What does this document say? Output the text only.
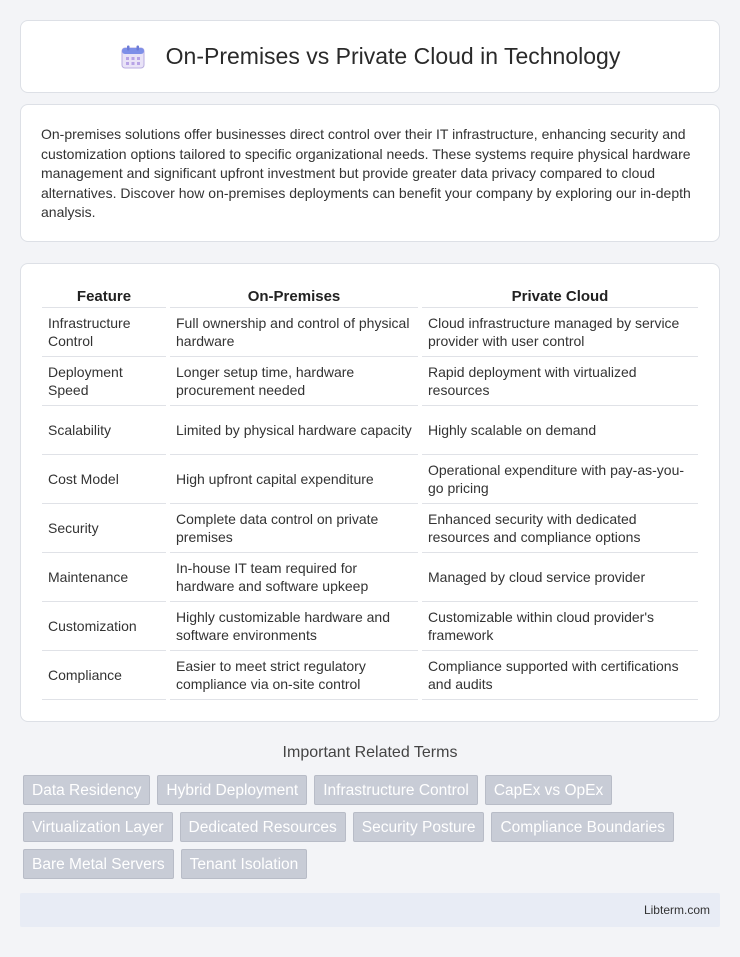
On-Premises vs Private Cloud in Technology

On-premises solutions offer businesses direct control over their IT infrastructure, enhancing security and customization options tailored to specific organizational needs. These systems require physical hardware management and significant upfront investment but provide greater data privacy compared to cloud alternatives. Discover how on-premises deployments can benefit your company by exploring our in-depth analysis.

Feature	On-Premises	Private Cloud
Infrastructure Control	Full ownership and control of physical hardware	Cloud infrastructure managed by service provider with user control
Deployment Speed	Longer setup time, hardware procurement needed	Rapid deployment with virtualized resources
Scalability	Limited by physical hardware capacity	Highly scalable on demand
Cost Model	High upfront capital expenditure	Operational expenditure with pay-as-you-go pricing
Security	Complete data control on private premises	Enhanced security with dedicated resources and compliance options
Maintenance	In-house IT team required for hardware and software upkeep	Managed by cloud service provider
Customization	Highly customizable hardware and software environments	Customizable within cloud provider's framework
Compliance	Easier to meet strict regulatory compliance via on-site control	Compliance supported with certifications and audits
Important Related Terms
Data Residency	Hybrid Deployment	Infrastructure Control	CapEx vs OpEx
Virtualization Layer	Dedicated Resources	Security Posture	Compliance Boundaries
Bare Metal Servers	Tenant Isolation
Libterm.com
